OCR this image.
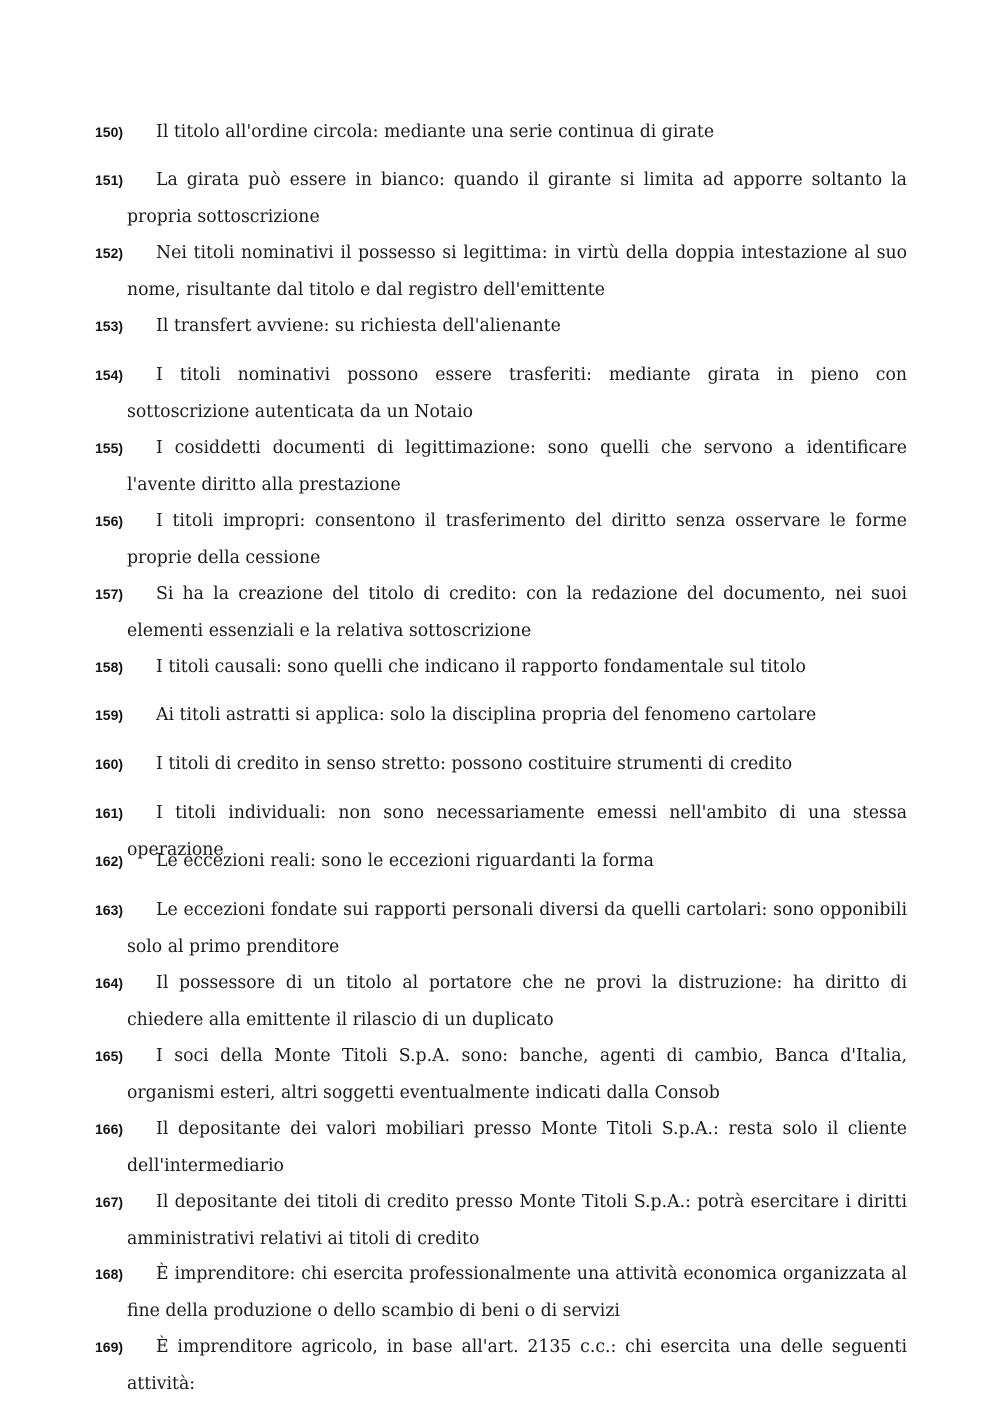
150)	Il titolo all'ordine circola: mediante una serie continua di girate
151)	La girata può essere in bianco: quando il girante si limita ad apporre soltanto la propria sottoscrizione
152)	Nei titoli nominativi il possesso si legittima: in virtù della doppia intestazione al suo nome, risultante dal titolo e dal registro dell'emittente
153)	Il transfert avviene: su richiesta dell'alienante
154)	I titoli nominativi possono essere trasferiti: mediante girata in pieno con sottoscrizione autenticata da un Notaio
155)	I cosiddetti documenti di legittimazione: sono quelli che servono a identificare l'avente diritto alla prestazione
156)	I titoli impropri: consentono il trasferimento del diritto senza osservare le forme proprie della cessione
157)	Si ha la creazione del titolo di credito: con la redazione del documento, nei suoi elementi essenziali e la relativa sottoscrizione
158)	I titoli causali: sono quelli che indicano il rapporto fondamentale sul titolo
159)	Ai titoli astratti si applica: solo la disciplina propria del fenomeno cartolare
160)	I titoli di credito in senso stretto: possono costituire strumenti di credito
161)	I titoli individuali: non sono necessariamente emessi nell'ambito di una stessa operazione
162)	Le eccezioni reali: sono le eccezioni riguardanti la forma
163)	Le eccezioni fondate sui rapporti personali diversi da quelli cartolari: sono opponibili solo al primo prenditore
164)	Il possessore di un titolo al portatore che ne provi la distruzione: ha diritto di chiedere alla emittente il rilascio di un duplicato
165)	I soci della Monte Titoli S.p.A. sono: banche, agenti di cambio, Banca d'Italia, organismi esteri, altri soggetti eventualmente indicati dalla Consob
166)	Il depositante dei valori mobiliari presso Monte Titoli S.p.A.: resta solo il cliente dell'intermediario
167)	Il depositante dei titoli di credito presso Monte Titoli S.p.A.: potrà esercitare i diritti amministrativi relativi ai titoli di credito
168)	È imprenditore: chi esercita professionalmente una attività economica organizzata al fine della produzione o dello scambio di beni o di servizi
169)	È imprenditore agricolo, in base all'art. 2135 c.c.: chi esercita una delle seguenti attività:
